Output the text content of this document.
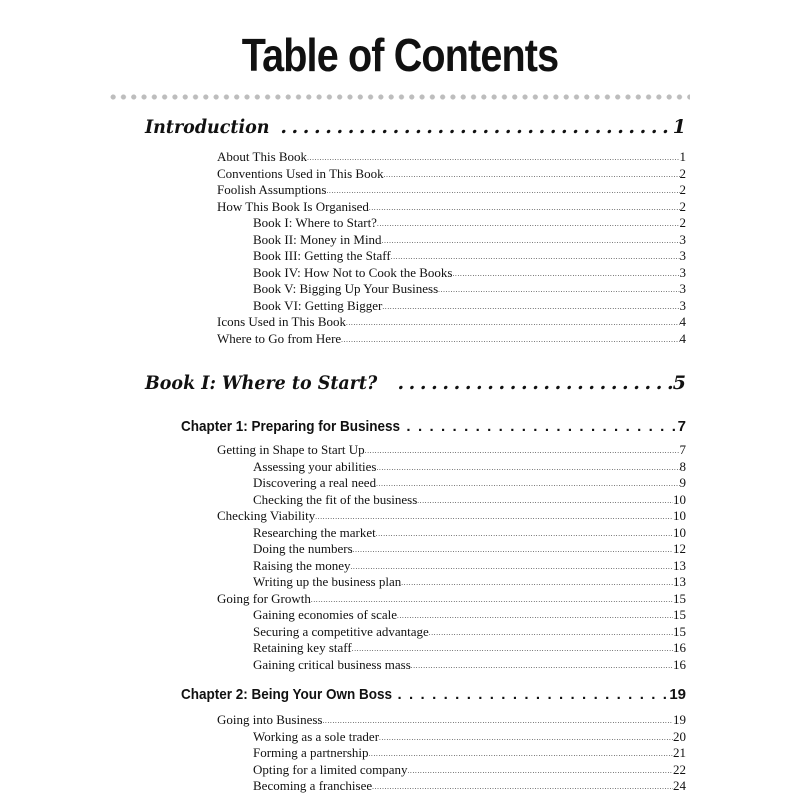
Table of Contents
Introduction . . .	1
About This Book . . .	1
Conventions Used in This Book . . .	2
Foolish Assumptions . . .	2
How This Book Is Organised . . .	2
Book I: Where to Start? . . .	2
Book II: Money in Mind . . .	3
Book III: Getting the Staff . . .	3
Book IV: How Not to Cook the Books . . .	3
Book V: Bigging Up Your Business . . .	3
Book VI: Getting Bigger . . .	3
Icons Used in This Book . . .	4
Where to Go from Here . . .	4
Book I: Where to Start? . . .	5
Chapter 1: Preparing for Business . . .	7
Getting in Shape to Start Up . . .	7
Assessing your abilities . . .	8
Discovering a real need . . .	9
Checking the fit of the business . . .	10
Checking Viability . . .	10
Researching the market . . .	10
Doing the numbers . . .	12
Raising the money . . .	13
Writing up the business plan . . .	13
Going for Growth . . .	15
Gaining economies of scale . . .	15
Securing a competitive advantage . . .	15
Retaining key staff . . .	16
Gaining critical business mass . . .	16
Chapter 2: Being Your Own Boss . . .	19
Going into Business . . .	19
Working as a sole trader . . .	20
Forming a partnership . . .	21
Opting for a limited company . . .	22
Becoming a franchisee . . .	24
